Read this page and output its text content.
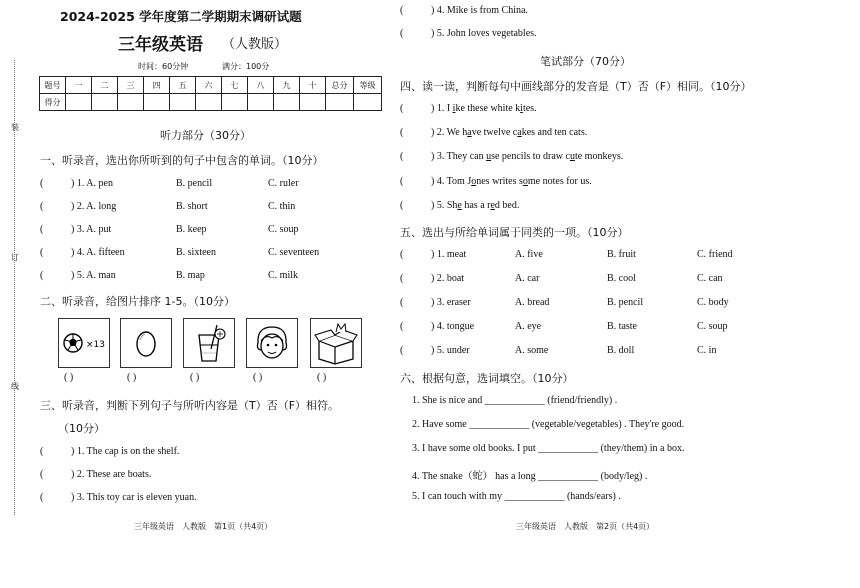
装
订
线
2024-2025 学年度第二学期期末调研试题
三年级英语 （人教版）
时间：60分钟	满分：100分
题号	一	二	三	四	五	六	七	八	九	十	总分	等级
得分												
听力部分（30分）
一、听录音，选出你所听到的句子中包含的单词。（10分）
(	) 1. A. pen	B. pencil	C. ruler
(	) 2. A. long	B. short	C. thin
(	) 3. A. put	B. keep	C. soup
(	) 4. A. fifteen	B. sixteen	C. seventeen
(	) 5. A. man	B. map	C. milk
二、听录音，给图片排序 1-5。（10分）
×13
( )	( )	( )	( )	( )
三、听录音，判断下列句子与所听内容是（T）否（F）相符。
（10分）
(	) 1. The cap is on the shelf.
(	) 2. These are boats.
(	) 3. This toy car is eleven yuan.
三年级英语　人教版　第1页（共4页）
(	) 4. Mike is from China.
(	) 5. John loves vegetables.
笔试部分（70分）
四、读一读，判断每句中画线部分的发音是（T）否（F）相同。（10分）
(	) 1. I ike these white kites.
(	) 2. We have twelve cakes and ten cats.
(	) 3. They can use pencils to draw cute monkeys.
(	) 4. Tom Jones writes some notes for us.
(	) 5. She has a red bed.
五、选出与所给单词属于同类的一项。（10分）
(	) 1. meat	A. five	B. fruit	C. friend
(	) 2. boat	A. car	B. cool	C. can
(	) 3. eraser	A. bread	B. pencil	C. body
(	) 4. tongue	A. eye	B. taste	C. soup
(	) 5. under	A. some	B. doll	C. in
六、根据句意，选词填空。（10分）
1. She is nice and ____________ (friend/friendly) .
2. Have some ____________ (vegetable/vegetables) . They're good.
3. I have some old books. I put ____________ (they/them) in a box.
4. The snake（蛇） has a long ____________ (body/leg) .
5. I can touch with my ____________ (hands/ears) .
三年级英语　人教版　第2页（共4页）
